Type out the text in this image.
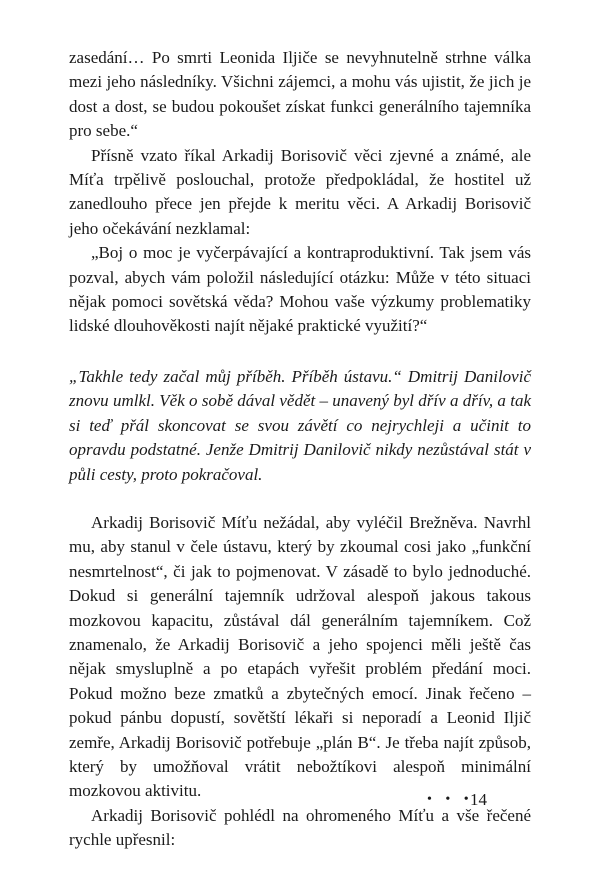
zasedání… Po smrti Leonida Iljiče se nevyhnutelně strhne válka mezi jeho následníky. Všichni zájemci, a mohu vás ujistit, že jich je dost a dost, se budou pokoušet získat funkci generálního tajemníka pro sebe.“

Přísně vzato říkal Arkadij Borisovič věci zjevné a známé, ale Míťa trpělivě poslouchal, protože předpokládal, že hostitel už zanedlouho přece jen přejde k meritu věci. A Arkadij Borisovič jeho očekávání nezklamal:

„Boj o moc je vyčerpávající a kontraproduktivní. Tak jsem vás pozval, abych vám položil následující otázku: Může v této situaci nějak pomoci sovětská věda? Mohou vaše výzkumy problematiky lidské dlouhověkosti najít nějaké praktické využití?“

„Takhle tedy začal můj příběh. Příběh ústavu.“ Dmitrij Danilovič znovu umlkl. Věk o sobě dával vědět – unavený byl dřív a dřív, a tak si teď přál skoncovat se svou závětí co nejrychleji a učinit to opravdu podstatné. Jenže Dmitrij Danilovič nikdy nezůstával stát v půli cesty, proto pokračoval.

Arkadij Borisovič Míťu nežádal, aby vyléčil Brežněva. Navrhl mu, aby stanul v čele ústavu, který by zkoumal cosi jako „funkční nesmrtelnost“, či jak to pojmenovat. V zásadě to bylo jednoduché. Dokud si generální tajemník udržoval alespoň jakous takous mozkovou kapacitu, zůstával dál generálním tajemníkem. Což znamenalo, že Arkadij Borisovič a jeho spojenci měli ještě čas nějak smysluplně a po etapách vyřešit problém předání moci. Pokud možno beze zmatků a zbytečných emocí. Jinak řečeno – pokud pánbu dopustí, sovětští lékaři si neporadí a Leonid Iljič zemře, Arkadij Borisovič potřebuje „plán B“. Je třeba najít způsob, který by umožňoval vrátit nebožtíkovi alespoň minimální mozkovou aktivitu.

Arkadij Borisovič pohlédl na ohromeného Míťu a vše řečené rychle upřesnil:

• • •
14
